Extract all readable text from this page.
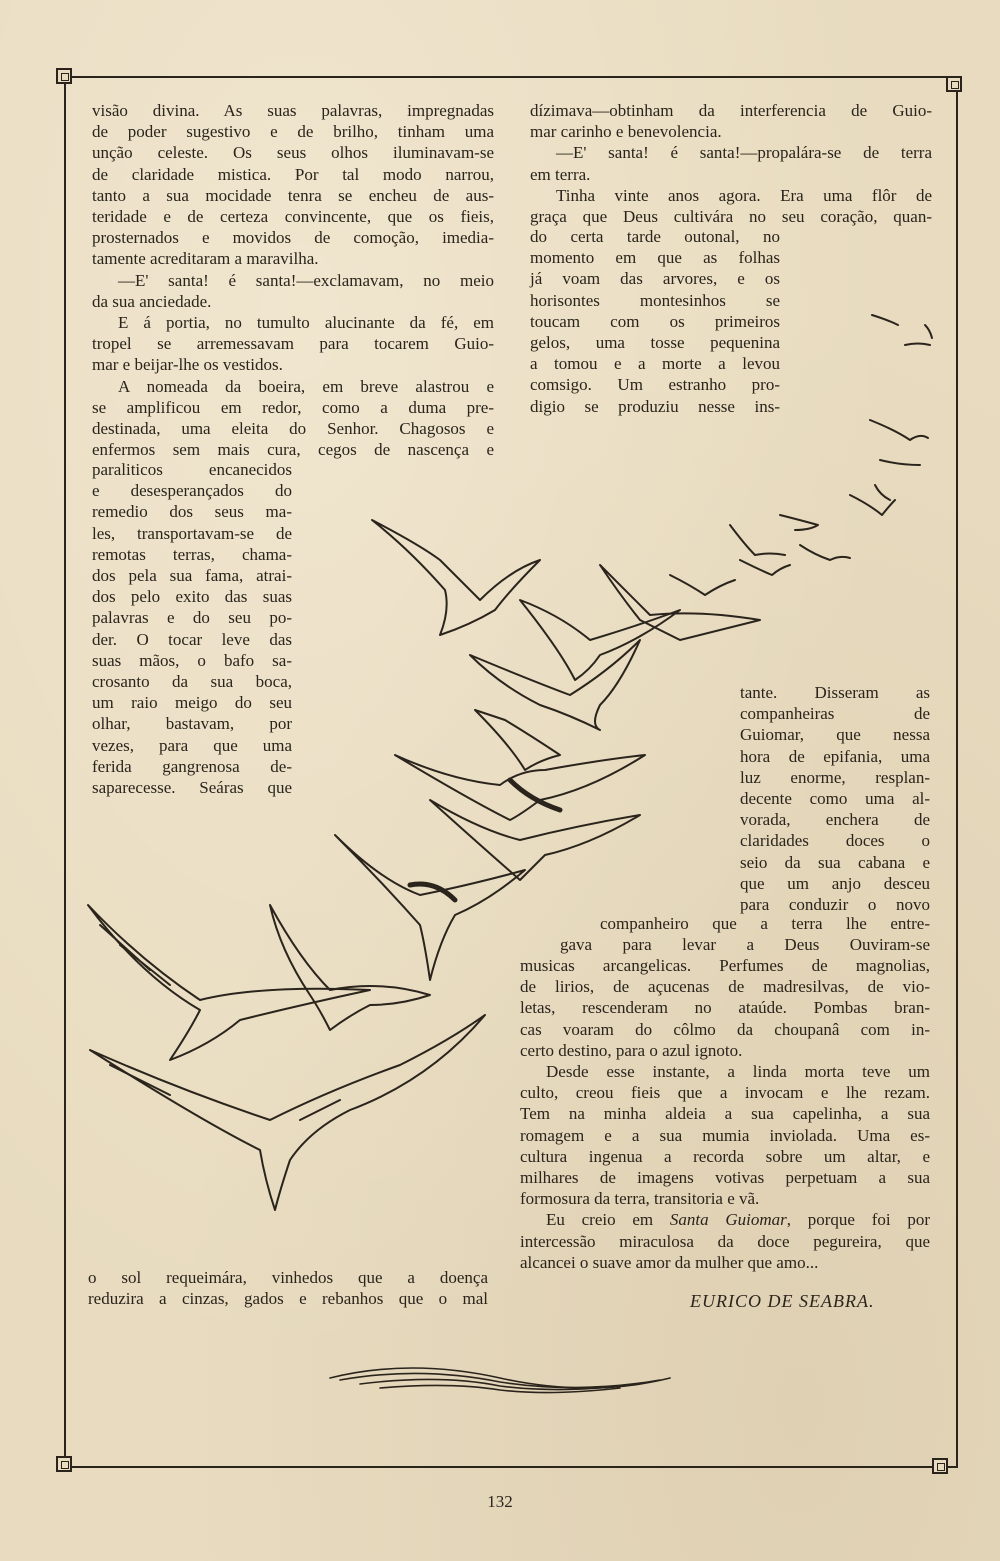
visão divina. As suas palavras, impregnadas
de poder sugestivo e de brilho, tinham uma
unção celeste. Os seus olhos iluminavam-se
de claridade mistica. Por tal modo narrou,
tanto a sua mocidade tenra se encheu de aus-
teridade e de certeza convincente, que os fieis,
prosternados e movidos de comoção, imedia-
tamente acreditaram a maravilha.
—E' santa! é santa!—exclamavam, no meio
da sua anciedade.
E á portia, no tumulto alucinante da fé, em
tropel se arremessavam para tocarem Guio-
mar e beijar-lhe os vestidos.
A nomeada da boeira, em breve alastrou e
se amplificou em redor, como a duma pre-
destinada, uma eleita do Senhor. Chagosos e
enfermos sem mais cura, cegos de nascença e
paraliticos encanecidos
e desesperançados do
remedio dos seus ma-
les, transportavam-se de
remotas terras, chama-
dos pela sua fama, atrai-
dos pelo exito das suas
palavras e do seu po-
der. O tocar leve das
suas mãos, o bafo sa-
crosanto da sua boca,
um raio meigo do seu
olhar, bastavam, por
vezes, para que uma
ferida gangrenosa de-
saparecesse. Seáras que
o sol requeimára, vinhedos que a doença
reduzira a cinzas, gados e rebanhos que o mal
dízimava—obtinham da interferencia de Guio-
mar carinho e benevolencia.
—E' santa! é santa!—propalára-se de terra
em terra.
Tinha vinte anos agora. Era uma flôr de
graça que Deus cultivára no seu coração, quan-
do certa tarde outonal, no
momento em que as folhas
já voam das arvores, e os
horisontes montesinhos se
toucam com os primeiros
gelos, uma tosse pequenina
a tomou e a morte a levou
comsigo. Um estranho pro-
digio se produziu nesse ins-
tante. Disseram as
companheiras de
Guiomar, que nessa
hora de epifania, uma
luz enorme, resplan-
decente como uma al-
vorada, enchera de
claridades doces o
seio da sua cabana e
que um anjo desceu
para conduzir o novo
companheiro que a terra lhe entre-
gava para levar a Deus Ouviram-se
musicas arcangelicas. Perfumes de magnolias,
de lirios, de açucenas de madresilvas, de vio-
letas, rescenderam no ataúde. Pombas bran-
cas voaram do côlmo da choupanâ com in-
certo destino, para o azul ignoto.
Desde esse instante, a linda morta teve um
culto, creou fieis que a invocam e lhe rezam.
Tem na minha aldeia a sua capelinha, a sua
romagem e a sua mumia inviolada. Uma es-
cultura ingenua a recorda sobre um altar, e
milhares de imagens votivas perpetuam a sua
formosura da terra, transitoria e vã.
Eu creio em Santa Guiomar, porque foi por
intercessão miraculosa da doce pegureira, que
alcancei o suave amor da mulher que amo...
EURICO DE SEABRA.
132
